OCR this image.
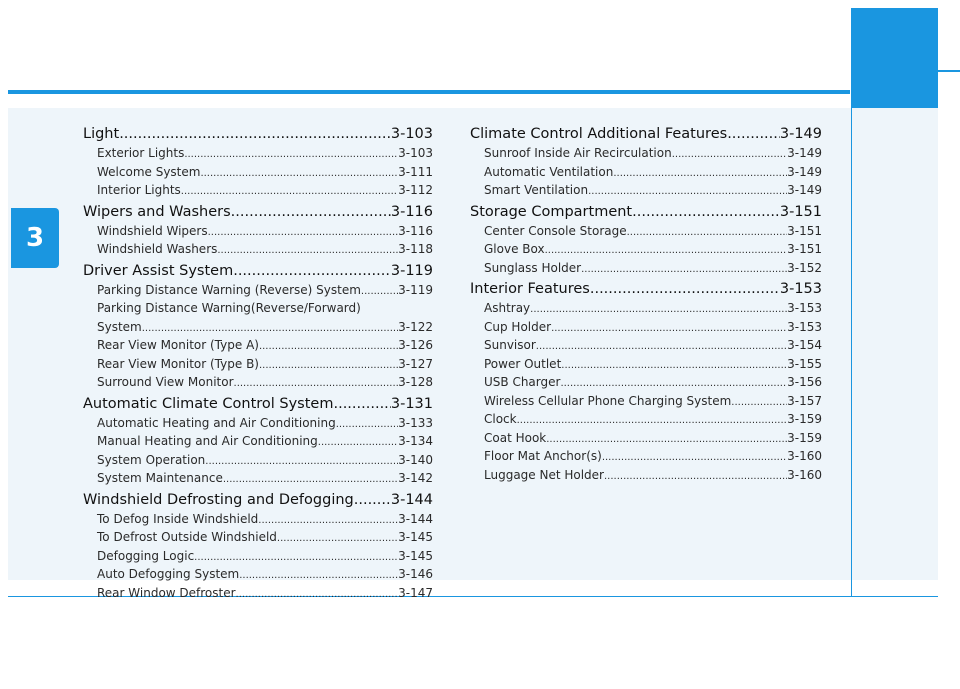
3
Light .....	3-103
Exterior Lights .....	3-103
Welcome System .....	3-111
Interior Lights .....	3-112
Wipers and Washers .....	3-116
Windshield Wipers .....	3-116
Windshield Washers .....	3-118
Driver Assist System .....	3-119
Parking Distance Warning (Reverse) System .....	3-119
Parking Distance Warning(Reverse/Forward)
System .....	3-122
Rear View Monitor (Type A) .....	3-126
Rear View Monitor (Type B) .....	3-127
Surround View Monitor .....	3-128
Automatic Climate Control System .....	3-131
Automatic Heating and Air Conditioning .....	3-133
Manual Heating and Air Conditioning .....	3-134
System Operation .....	3-140
System Maintenance .....	3-142
Windshield Defrosting and Defogging .....	3-144
To Defog Inside Windshield .....	3-144
To Defrost Outside Windshield .....	3-145
Defogging Logic .....	3-145
Auto Defogging System .....	3-146
Rear Window Defroster .....	3-147
Climate Control Additional Features .....	3-149
Sunroof Inside Air Recirculation .....	3-149
Automatic Ventilation .....	3-149
Smart Ventilation .....	3-149
Storage Compartment .....	3-151
Center Console Storage .....	3-151
Glove Box .....	3-151
Sunglass Holder .....	3-152
Interior Features .....	3-153
Ashtray .....	3-153
Cup Holder .....	3-153
Sunvisor .....	3-154
Power Outlet .....	3-155
USB Charger .....	3-156
Wireless Cellular Phone Charging System .....	3-157
Clock .....	3-159
Coat Hook .....	3-159
Floor Mat Anchor(s) .....	3-160
Luggage Net Holder .....	3-160
